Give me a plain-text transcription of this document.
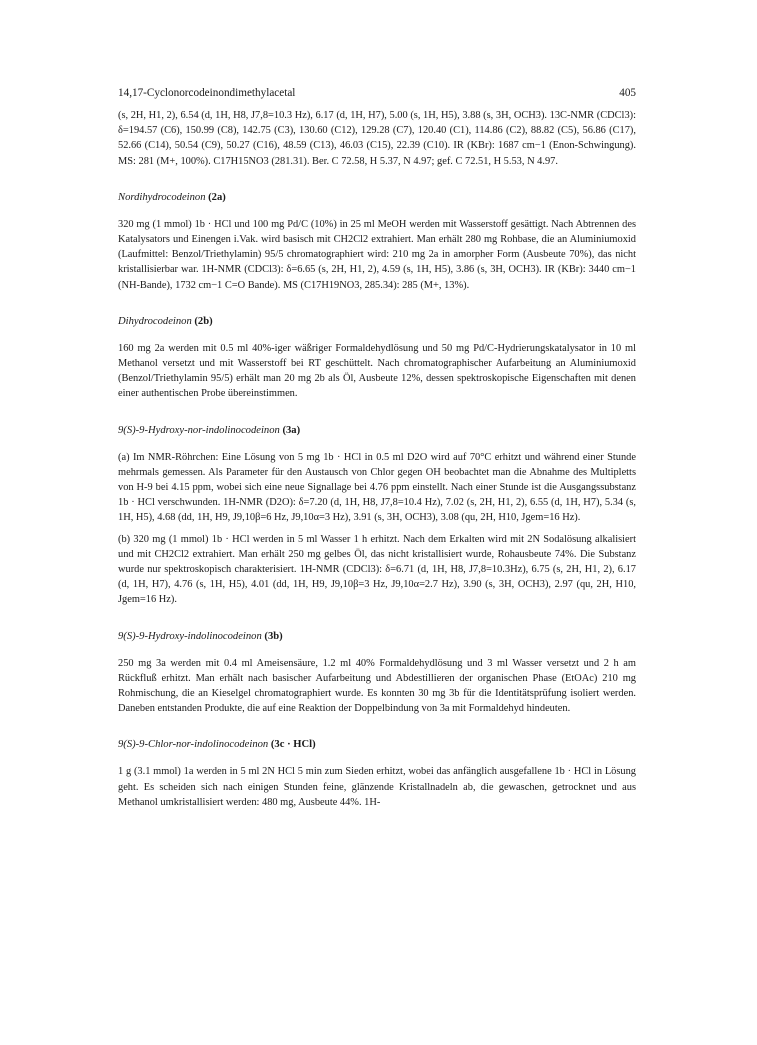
14,17-Cyclonorcodeinondimethylacetal	405

(s, 2H, H1, 2), 6.54 (d, 1H, H8, J7,8=10.3 Hz), 6.17 (d, 1H, H7), 5.00 (s, 1H, H5), 3.88 (s, 3H, OCH3). 13C-NMR (CDCl3): δ=194.57 (C6), 150.99 (C8), 142.75 (C3), 130.60 (C12), 129.28 (C7), 120.40 (C1), 114.86 (C2), 88.82 (C5), 56.86 (C17), 52.66 (C14), 50.54 (C9), 50.27 (C16), 48.59 (C13), 46.03 (C15), 22.39 (C10). IR (KBr): 1687 cm−1 (Enon-Schwingung). MS: 281 (M+, 100%). C17H15NO3 (281.31). Ber. C 72.58, H 5.37, N 4.97; gef. C 72.51, H 5.53, N 4.97.

Nordihydrocodeinon (2a)

320 mg (1 mmol) 1b · HCl und 100 mg Pd/C (10%) in 25 ml MeOH werden mit Wasserstoff gesättigt. Nach Abtrennen des Katalysators und Einengen i.Vak. wird basisch mit CH2Cl2 extrahiert. Man erhält 280 mg Rohbase, die an Aluminiumoxid (Laufmittel: Benzol/Triethylamin) 95/5 chromatographiert wird: 210 mg 2a in amorpher Form (Ausbeute 70%), das nicht kristallisierbar war. 1H-NMR (CDCl3): δ=6.65 (s, 2H, H1, 2), 4.59 (s, 1H, H5), 3.86 (s, 3H, OCH3). IR (KBr): 3440 cm−1 (NH-Bande), 1732 cm−1 C=O Bande). MS (C17H19NO3, 285.34): 285 (M+, 13%).

Dihydrocodeinon (2b)

160 mg 2a werden mit 0.5 ml 40%-iger wäßriger Formaldehydlösung und 50 mg Pd/C-Hydrierungskatalysator in 10 ml Methanol versetzt und mit Wasserstoff bei RT geschüttelt. Nach chromatographischer Aufarbeitung an Aluminiumoxid (Benzol/Triethylamin 95/5) erhält man 20 mg 2b als Öl, Ausbeute 12%, dessen spektroskopische Eigenschaften mit denen einer authentischen Probe übereinstimmen.

9(S)-9-Hydroxy-nor-indolinocodeinon (3a)

(a) Im NMR-Röhrchen: Eine Lösung von 5 mg 1b · HCl in 0.5 ml D2O wird auf 70°C erhitzt und während einer Stunde mehrmals gemessen. Als Parameter für den Austausch von Chlor gegen OH beobachtet man die Abnahme des Multipletts von H-9 bei 4.15 ppm, wobei sich eine neue Signallage bei 4.76 ppm einstellt. Nach einer Stunde ist die Ausgangssubstanz 1b · HCl verschwunden. 1H-NMR (D2O): δ=7.20 (d, 1H, H8, J7,8=10.4 Hz), 7.02 (s, 2H, H1, 2), 6.55 (d, 1H, H7), 5.34 (s, 1H, H5), 4.68 (dd, 1H, H9, J9,10β=6 Hz, J9,10α=3 Hz), 3.91 (s, 3H, OCH3), 3.08 (qu, 2H, H10, Jgem=16 Hz).

(b) 320 mg (1 mmol) 1b · HCl werden in 5 ml Wasser 1 h erhitzt. Nach dem Erkalten wird mit 2N Sodalösung alkalisiert und mit CH2Cl2 extrahiert. Man erhält 250 mg gelbes Öl, das nicht kristallisiert wurde, Rohausbeute 74%. Die Substanz wurde nur spektroskopisch charakterisiert. 1H-NMR (CDCl3): δ=6.71 (d, 1H, H8, J7,8=10.3Hz), 6.75 (s, 2H, H1, 2), 6.17 (d, 1H, H7), 4.76 (s, 1H, H5), 4.01 (dd, 1H, H9, J9,10β=3 Hz, J9,10α=2.7 Hz), 3.90 (s, 3H, OCH3), 2.97 (qu, 2H, H10, Jgem=16 Hz).

9(S)-9-Hydroxy-indolinocodeinon (3b)

250 mg 3a werden mit 0.4 ml Ameisensäure, 1.2 ml 40% Formaldehydlösung und 3 ml Wasser versetzt und 2 h am Rückfluß erhitzt. Man erhält nach basischer Aufarbeitung und Abdestillieren der organischen Phase (EtOAc) 210 mg Rohmischung, die an Kieselgel chromatographiert wurde. Es konnten 30 mg 3b für die Identitätsprüfung isoliert werden. Daneben entstanden Produkte, die auf eine Reaktion der Doppelbindung von 3a mit Formaldehyd hindeuten.

9(S)-9-Chlor-nor-indolinocodeinon (3c · HCl)

1 g (3.1 mmol) 1a werden in 5 ml 2N HCl 5 min zum Sieden erhitzt, wobei das anfänglich ausgefallene 1b · HCl in Lösung geht. Es scheiden sich nach einigen Stunden feine, glänzende Kristallnadeln ab, die gewaschen, getrocknet und aus Methanol umkristallisiert werden: 480 mg, Ausbeute 44%. 1H-
